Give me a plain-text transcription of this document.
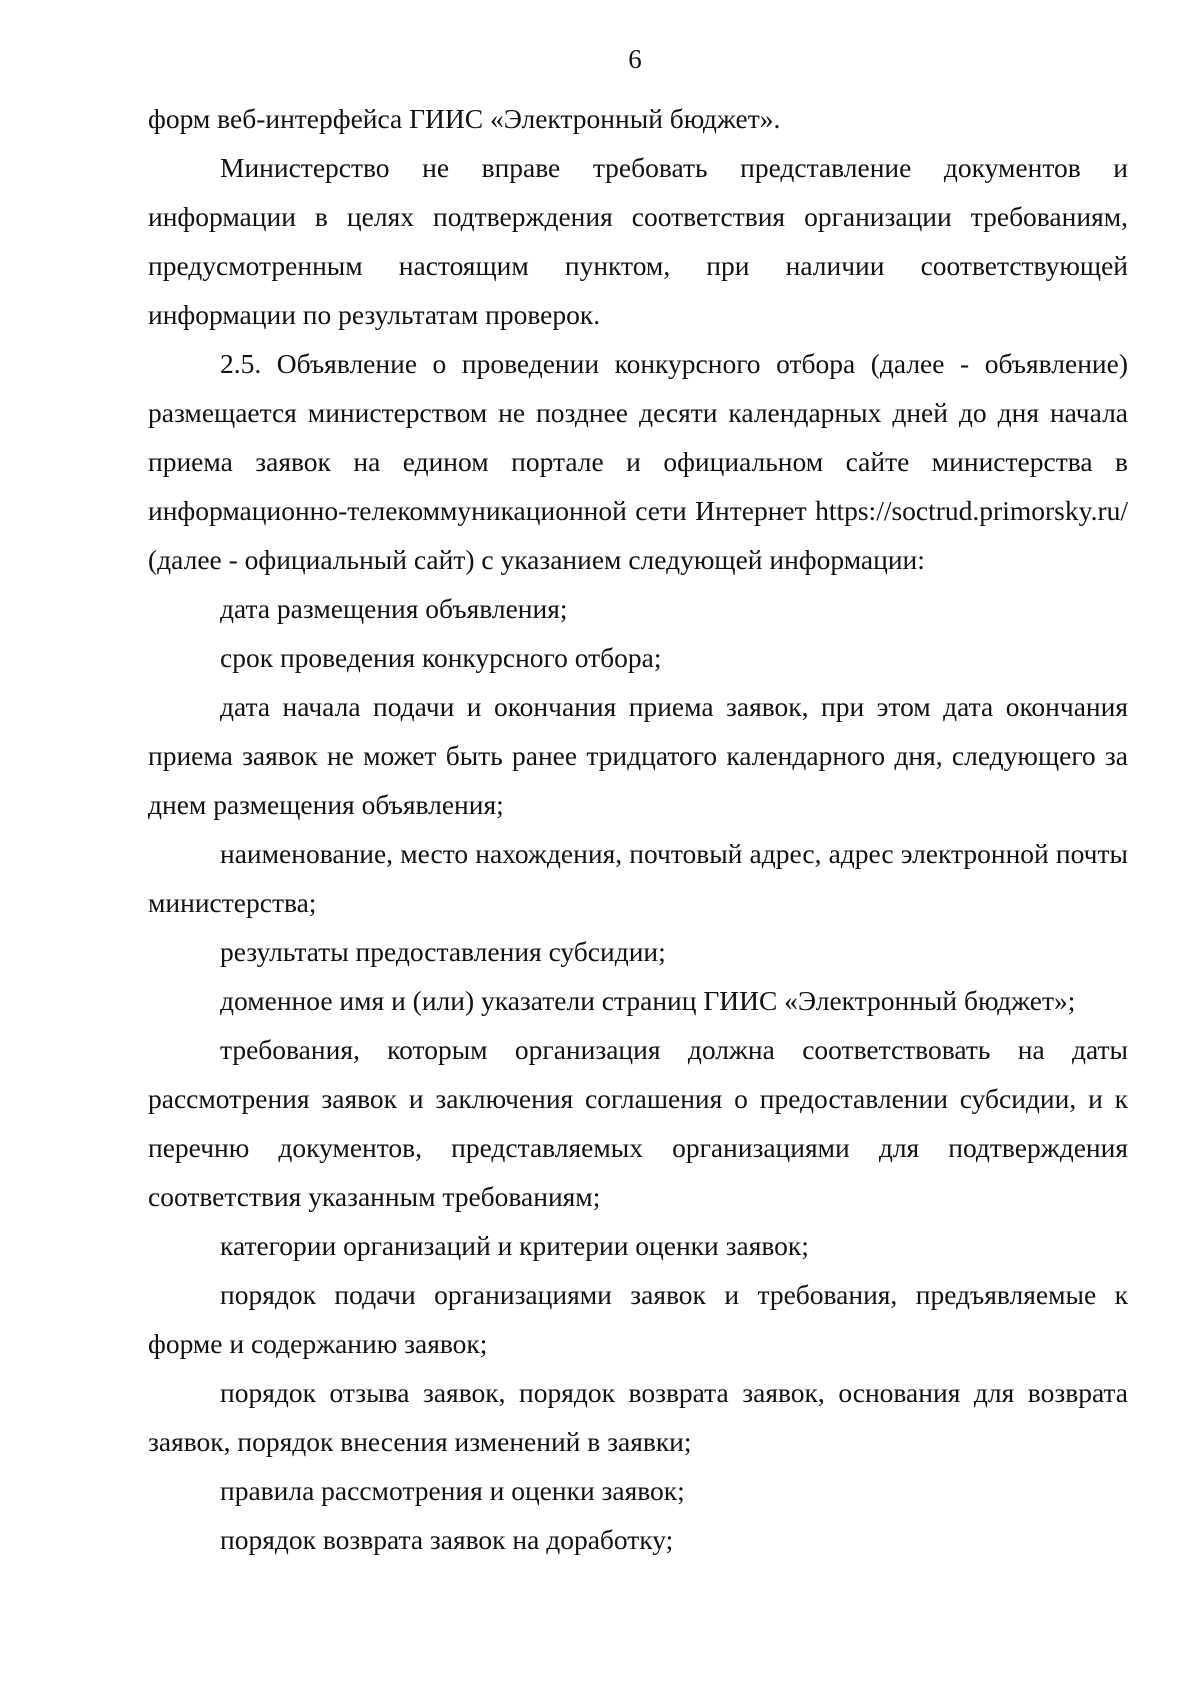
6

форм веб-интерфейса ГИИС «Электронный бюджет».

Министерство не вправе требовать представление документов и информации в целях подтверждения соответствия организации требованиям, предусмотренным настоящим пунктом, при наличии соответствующей информации по результатам проверок.

2.5. Объявление о проведении конкурсного отбора (далее - объявление) размещается министерством не позднее десяти календарных дней до дня начала приема заявок на едином портале и официальном сайте министерства в информационно-телекоммуникационной сети Интернет https://soctrud.primorsky.ru/ (далее - официальный сайт) с указанием следующей информации:

дата размещения объявления;

срок проведения конкурсного отбора;

дата начала подачи и окончания приема заявок, при этом дата окончания приема заявок не может быть ранее тридцатого календарного дня, следующего за днем размещения объявления;

наименование, место нахождения, почтовый адрес, адрес электронной почты министерства;

результаты предоставления субсидии;

доменное имя и (или) указатели страниц ГИИС «Электронный бюджет»;

требования, которым организация должна соответствовать на даты рассмотрения заявок и заключения соглашения о предоставлении субсидии, и к перечню документов, представляемых организациями для подтверждения соответствия указанным требованиям;

категории организаций и критерии оценки заявок;

порядок подачи организациями заявок и требования, предъявляемые к форме и содержанию заявок;

порядок отзыва заявок, порядок возврата заявок, основания для возврата заявок, порядок внесения изменений в заявки;

правила рассмотрения и оценки заявок;

порядок возврата заявок на доработку;
